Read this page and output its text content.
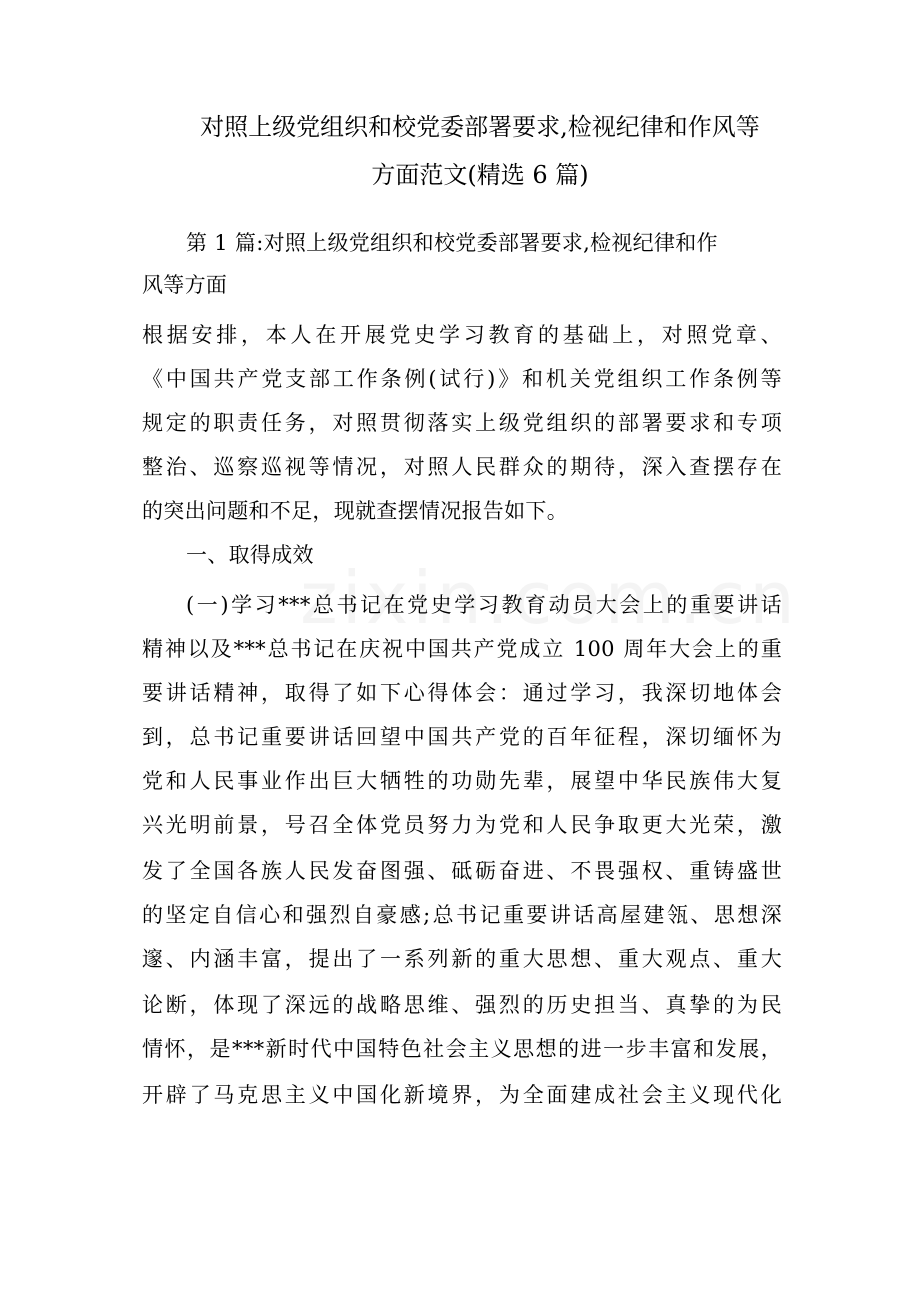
对照上级党组织和校党委部署要求,检视纪律和作风等
方面范文(精选 6 篇)
第 1 篇:对照上级党组织和校党委部署要求,检视纪律和作
风等方面
根据安排，本人在开展党史学习教育的基础上，对照党章、
《中国共产党支部工作条例(试行)》和机关党组织工作条例等
规定的职责任务，对照贯彻落实上级党组织的部署要求和专项
整治、巡察巡视等情况，对照人民群众的期待，深入查摆存在
的突出问题和不足，现就查摆情况报告如下。
一、取得成效
(一)学习***总书记在党史学习教育动员大会上的重要讲话
精神以及***总书记在庆祝中国共产党成立 100 周年大会上的重
要讲话精神，取得了如下心得体会：通过学习，我深切地体会
到，总书记重要讲话回望中国共产党的百年征程，深切缅怀为
党和人民事业作出巨大牺牲的功勋先辈，展望中华民族伟大复
兴光明前景，号召全体党员努力为党和人民争取更大光荣，激
发了全国各族人民发奋图强、砥砺奋进、不畏强权、重铸盛世
的坚定自信心和强烈自豪感;总书记重要讲话高屋建瓴、思想深
邃、内涵丰富，提出了一系列新的重大思想、重大观点、重大
论断，体现了深远的战略思维、强烈的历史担当、真挚的为民
情怀，是***新时代中国特色社会主义思想的进一步丰富和发展，
开辟了马克思主义中国化新境界，为全面建成社会主义现代化
